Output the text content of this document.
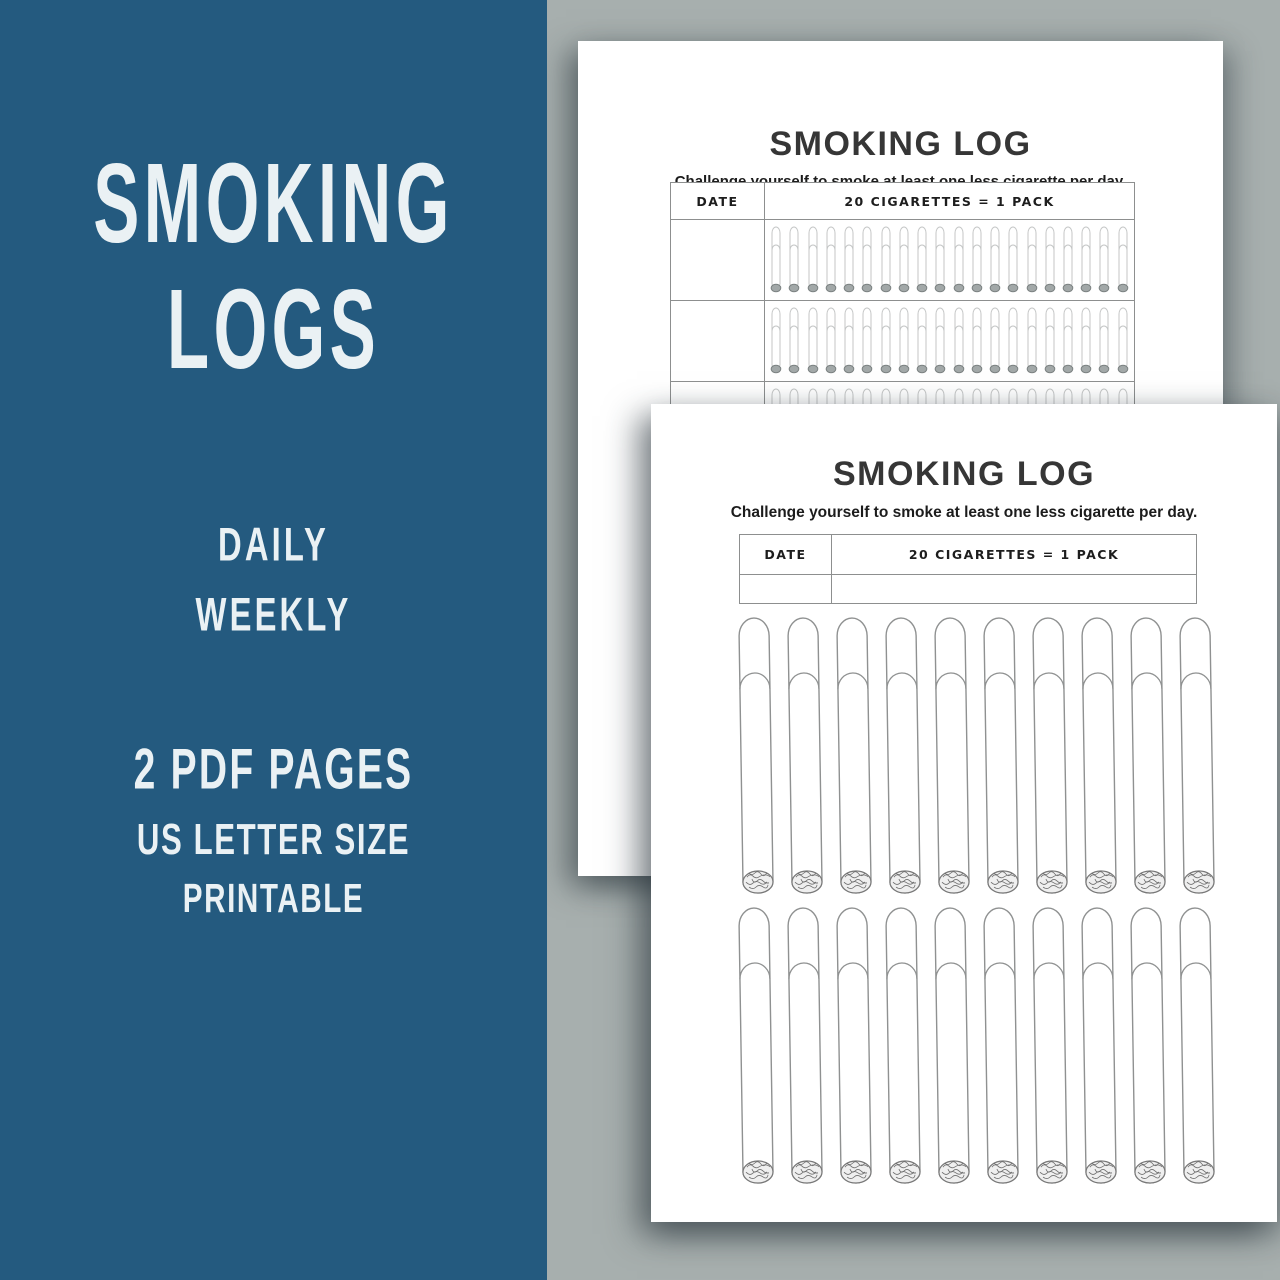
SMOKING
LOGS
DAILY
WEEKLY
2 PDF PAGES
US LETTER SIZE
PRINTABLE
SMOKING LOG
DATE	20 CIGARETTES = 1 PACK
SMOKING LOG
Challenge yourself to smoke at least one less cigarette per day.
DATE	20 CIGARETTES = 1 PACK
